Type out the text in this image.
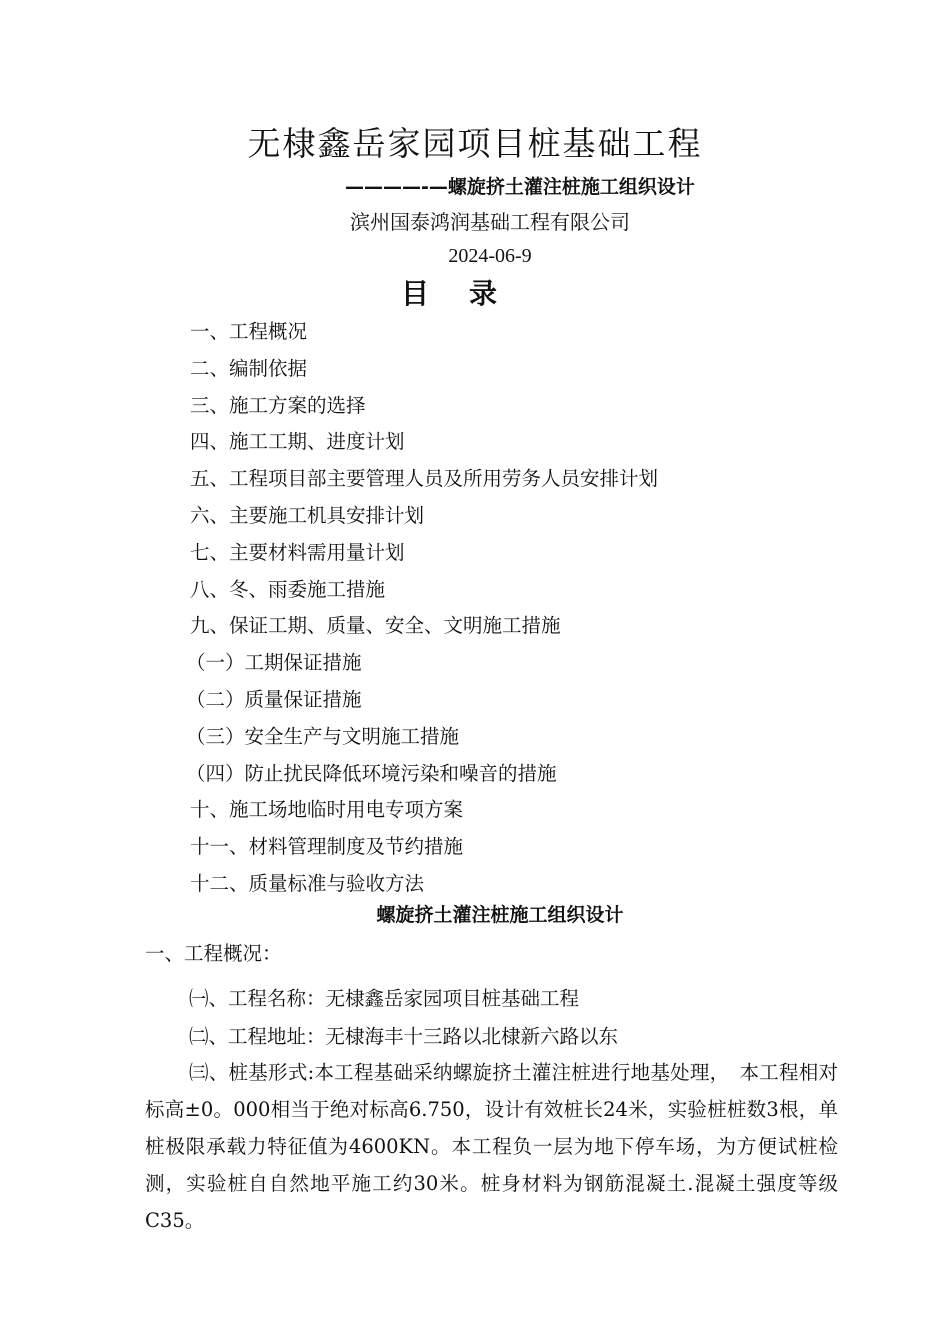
无棣鑫岳家园项目桩基础工程
————-—螺旋挤土灌注桩施工组织设计
滨州国泰鸿润基础工程有限公司
2024-06-9
目录
一、工程概况
二、编制依据
三、施工方案的选择
四、施工工期、进度计划
五、工程项目部主要管理人员及所用劳务人员安排计划
六、主要施工机具安排计划
七、主要材料需用量计划
八、冬、雨委施工措施
九、保证工期、质量、安全、文明施工措施
（一）工期保证措施
（二）质量保证措施
（三）安全生产与文明施工措施
（四）防止扰民降低环境污染和噪音的措施
十、施工场地临时用电专项方案
十一、材料管理制度及节约措施
十二、质量标准与验收方法
螺旋挤土灌注桩施工组织设计
一、工程概况：

㈠、工程名称：无棣鑫岳家园项目桩基础工程

㈡、工程地址：无棣海丰十三路以北棣新六路以东

㈢、桩基形式:本工程基础采纳螺旋挤土灌注桩进行地基处理，　本工程相对标高±0。000相当于绝对标高6.750，设计有效桩长24米，实验桩桩数3根，单桩极限承载力特征值为4600KN。本工程负一层为地下停车场，为方便试桩检测，实验桩自自然地平施工约30米。桩身材料为钢筋混凝土.混凝土强度等级C35。
